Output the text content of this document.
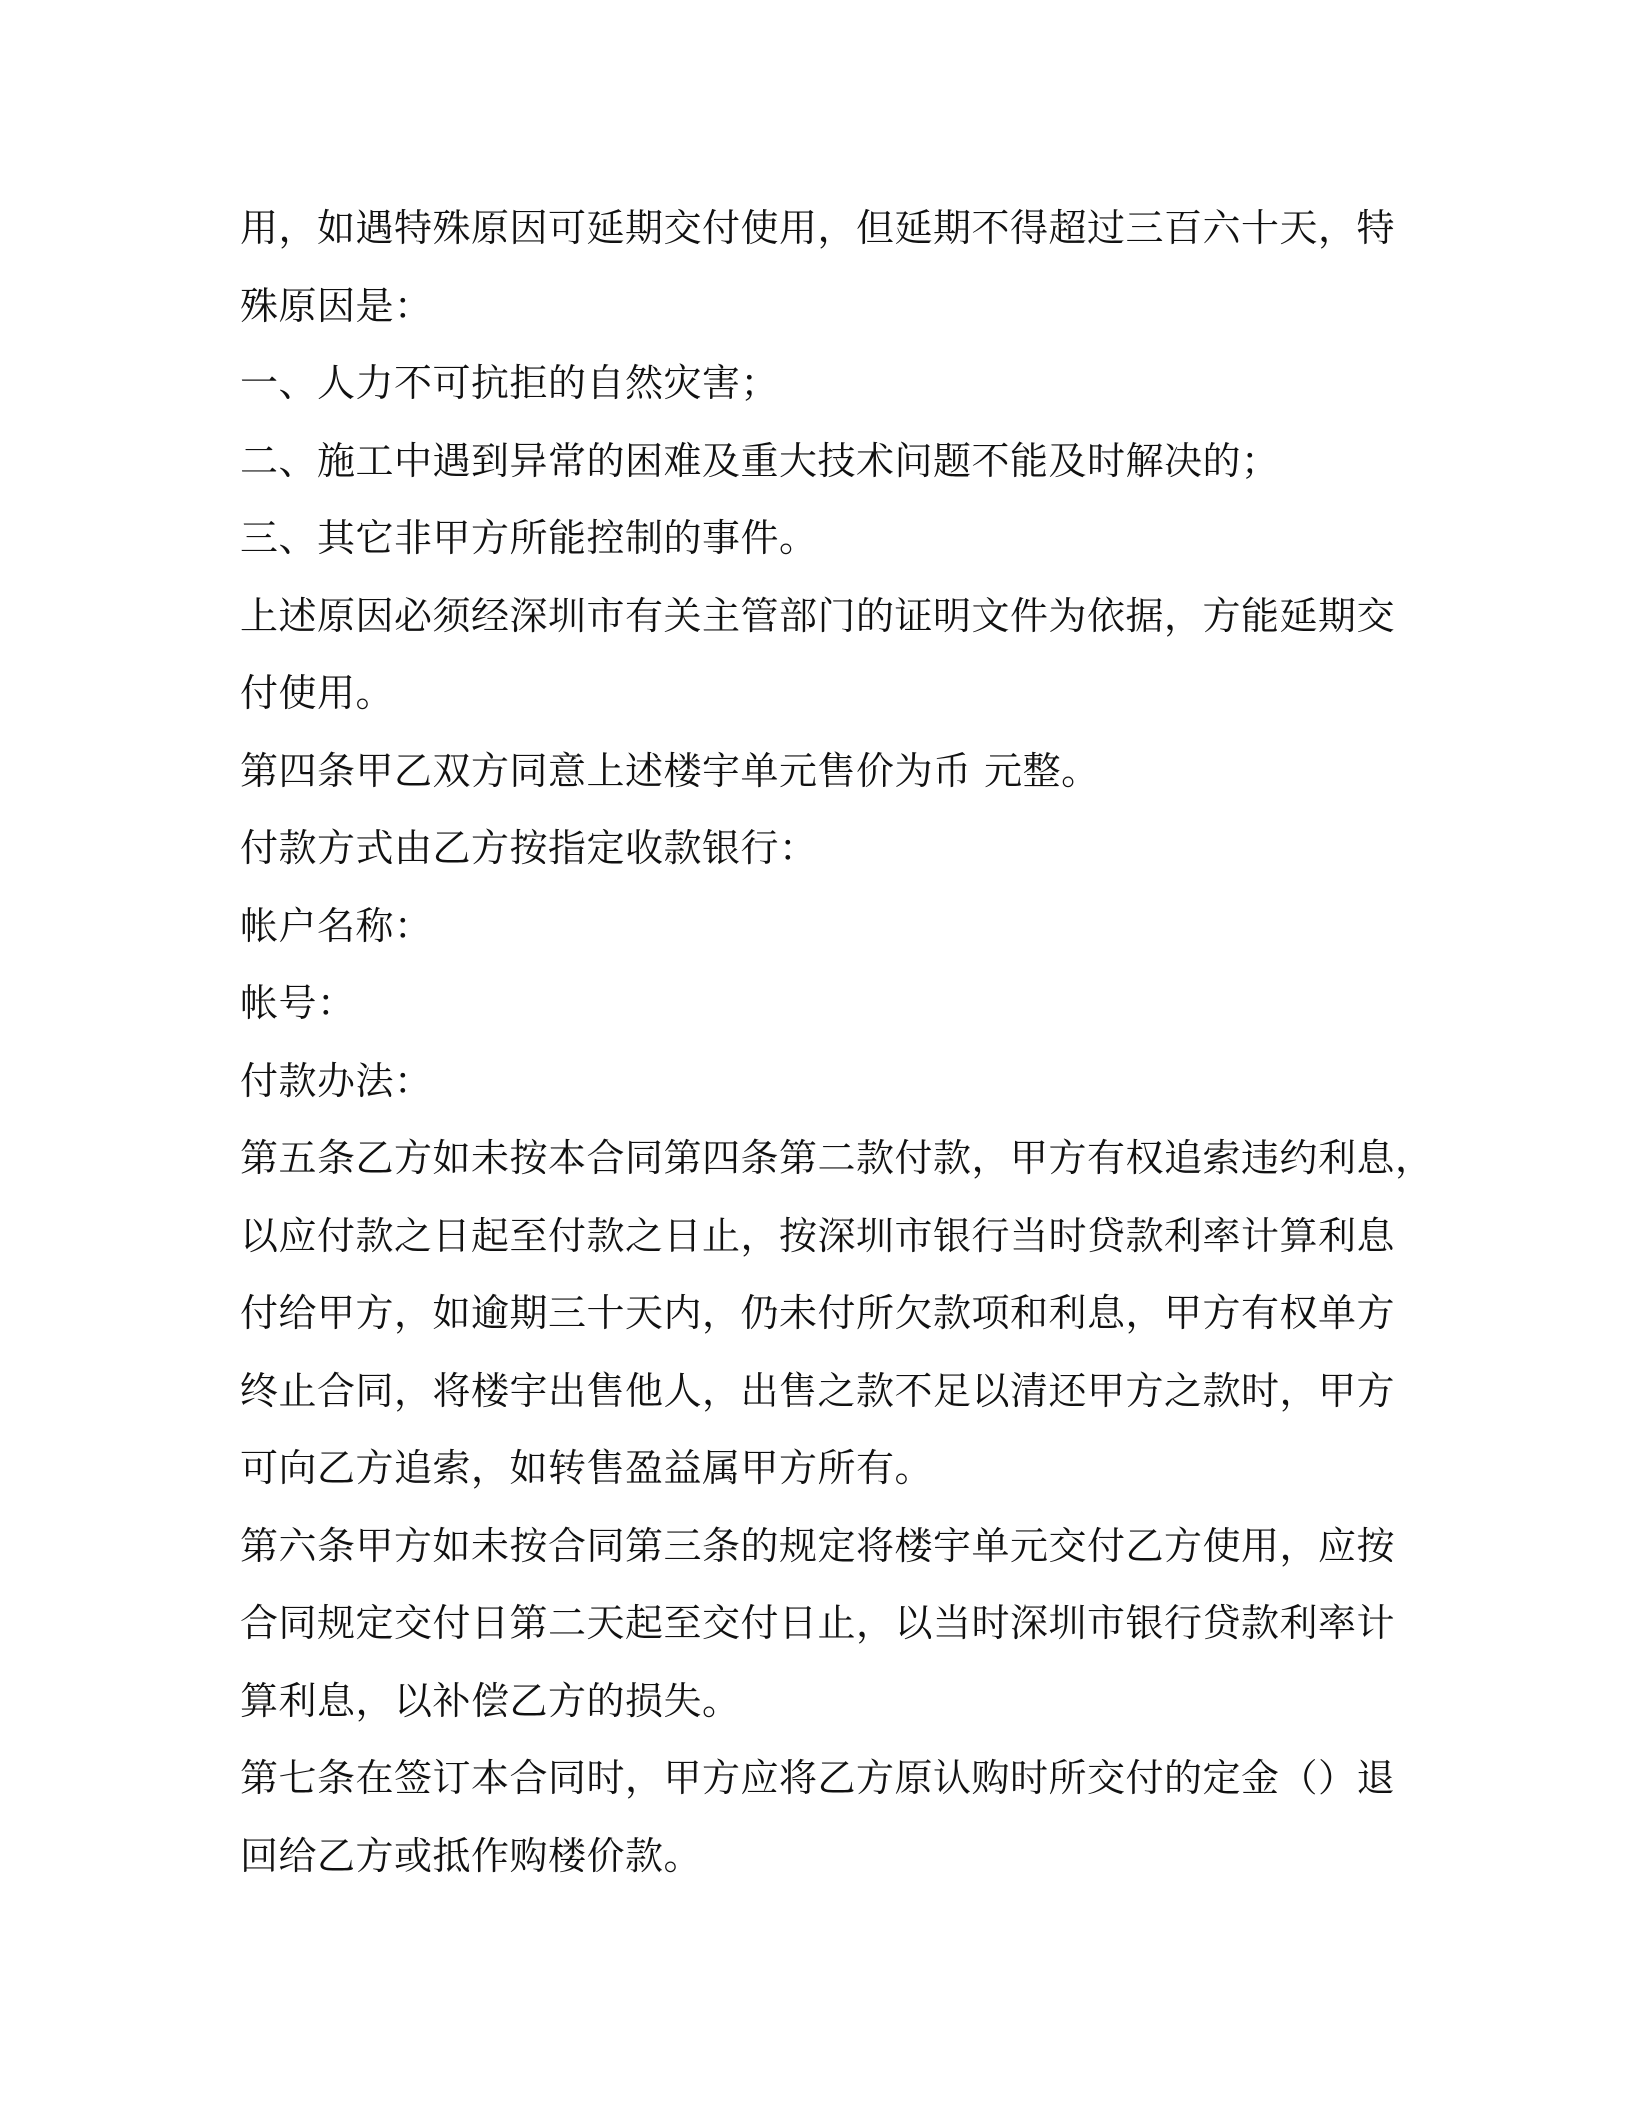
用，如遇特殊原因可延期交付使用，但延期不得超过三百六十天，特
殊原因是：
一、人力不可抗拒的自然灾害；
二、施工中遇到异常的困难及重大技术问题不能及时解决的；
三、其它非甲方所能控制的事件。
上述原因必须经深圳市有关主管部门的证明文件为依据，方能延期交
付使用。
第四条甲乙双方同意上述楼宇单元售价为币 元整。
付款方式由乙方按指定收款银行：
帐户名称：
帐号：
付款办法：
第五条乙方如未按本合同第四条第二款付款，甲方有权追索违约利息，
以应付款之日起至付款之日止，按深圳市银行当时贷款利率计算利息
付给甲方，如逾期三十天内，仍未付所欠款项和利息，甲方有权单方
终止合同，将楼宇出售他人，出售之款不足以清还甲方之款时，甲方
可向乙方追索，如转售盈益属甲方所有。
第六条甲方如未按合同第三条的规定将楼宇单元交付乙方使用，应按
合同规定交付日第二天起至交付日止，以当时深圳市银行贷款利率计
算利息，以补偿乙方的损失。
第七条在签订本合同时，甲方应将乙方原认购时所交付的定金（）退
回给乙方或抵作购楼价款。
